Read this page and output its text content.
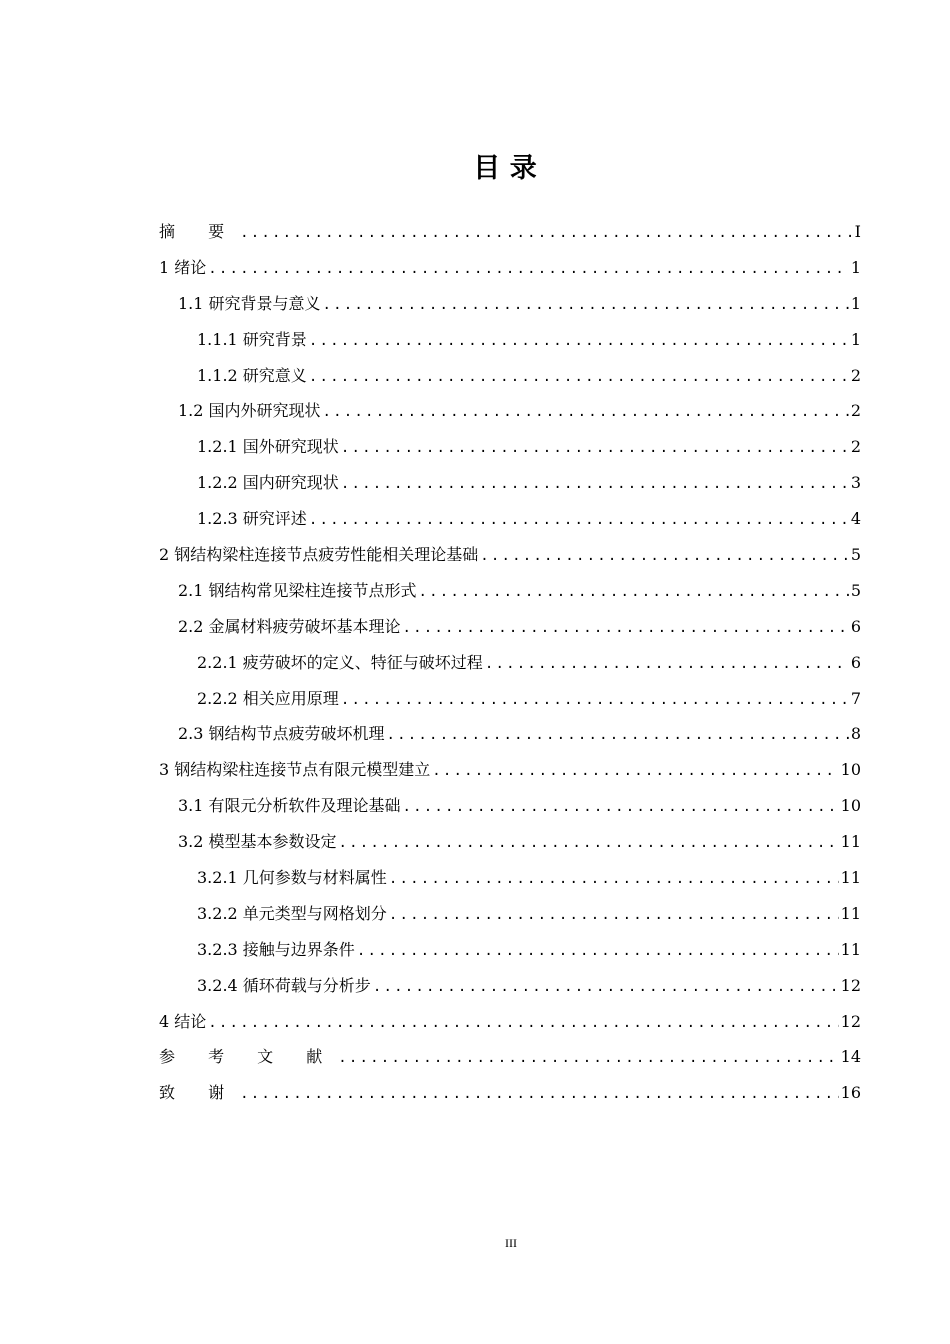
目 录
摘 要 .....	I
1 绪论 .....	1
1.1 研究背景与意义 .....	1
1.1.1 研究背景 .....	1
1.1.2 研究意义 .....	2
1.2 国内外研究现状 .....	2
1.2.1 国外研究现状 .....	2
1.2.2 国内研究现状 .....	3
1.2.3 研究评述 .....	4
2 钢结构梁柱连接节点疲劳性能相关理论基础 .....	5
2.1 钢结构常见梁柱连接节点形式 .....	5
2.2 金属材料疲劳破坏基本理论 .....	6
2.2.1 疲劳破坏的定义、特征与破坏过程 .....	6
2.2.2 相关应用原理 .....	7
2.3 钢结构节点疲劳破坏机理 .....	8
3 钢结构梁柱连接节点有限元模型建立 .....	10
3.1 有限元分析软件及理论基础 .....	10
3.2 模型基本参数设定 .....	11
3.2.1 几何参数与材料属性 .....	11
3.2.2 单元类型与网格划分 .....	11
3.2.3 接触与边界条件 .....	11
3.2.4 循环荷载与分析步 .....	12
4 结论 .....	12
参 考 文 献 .....	14
致 谢 .....	16
III
